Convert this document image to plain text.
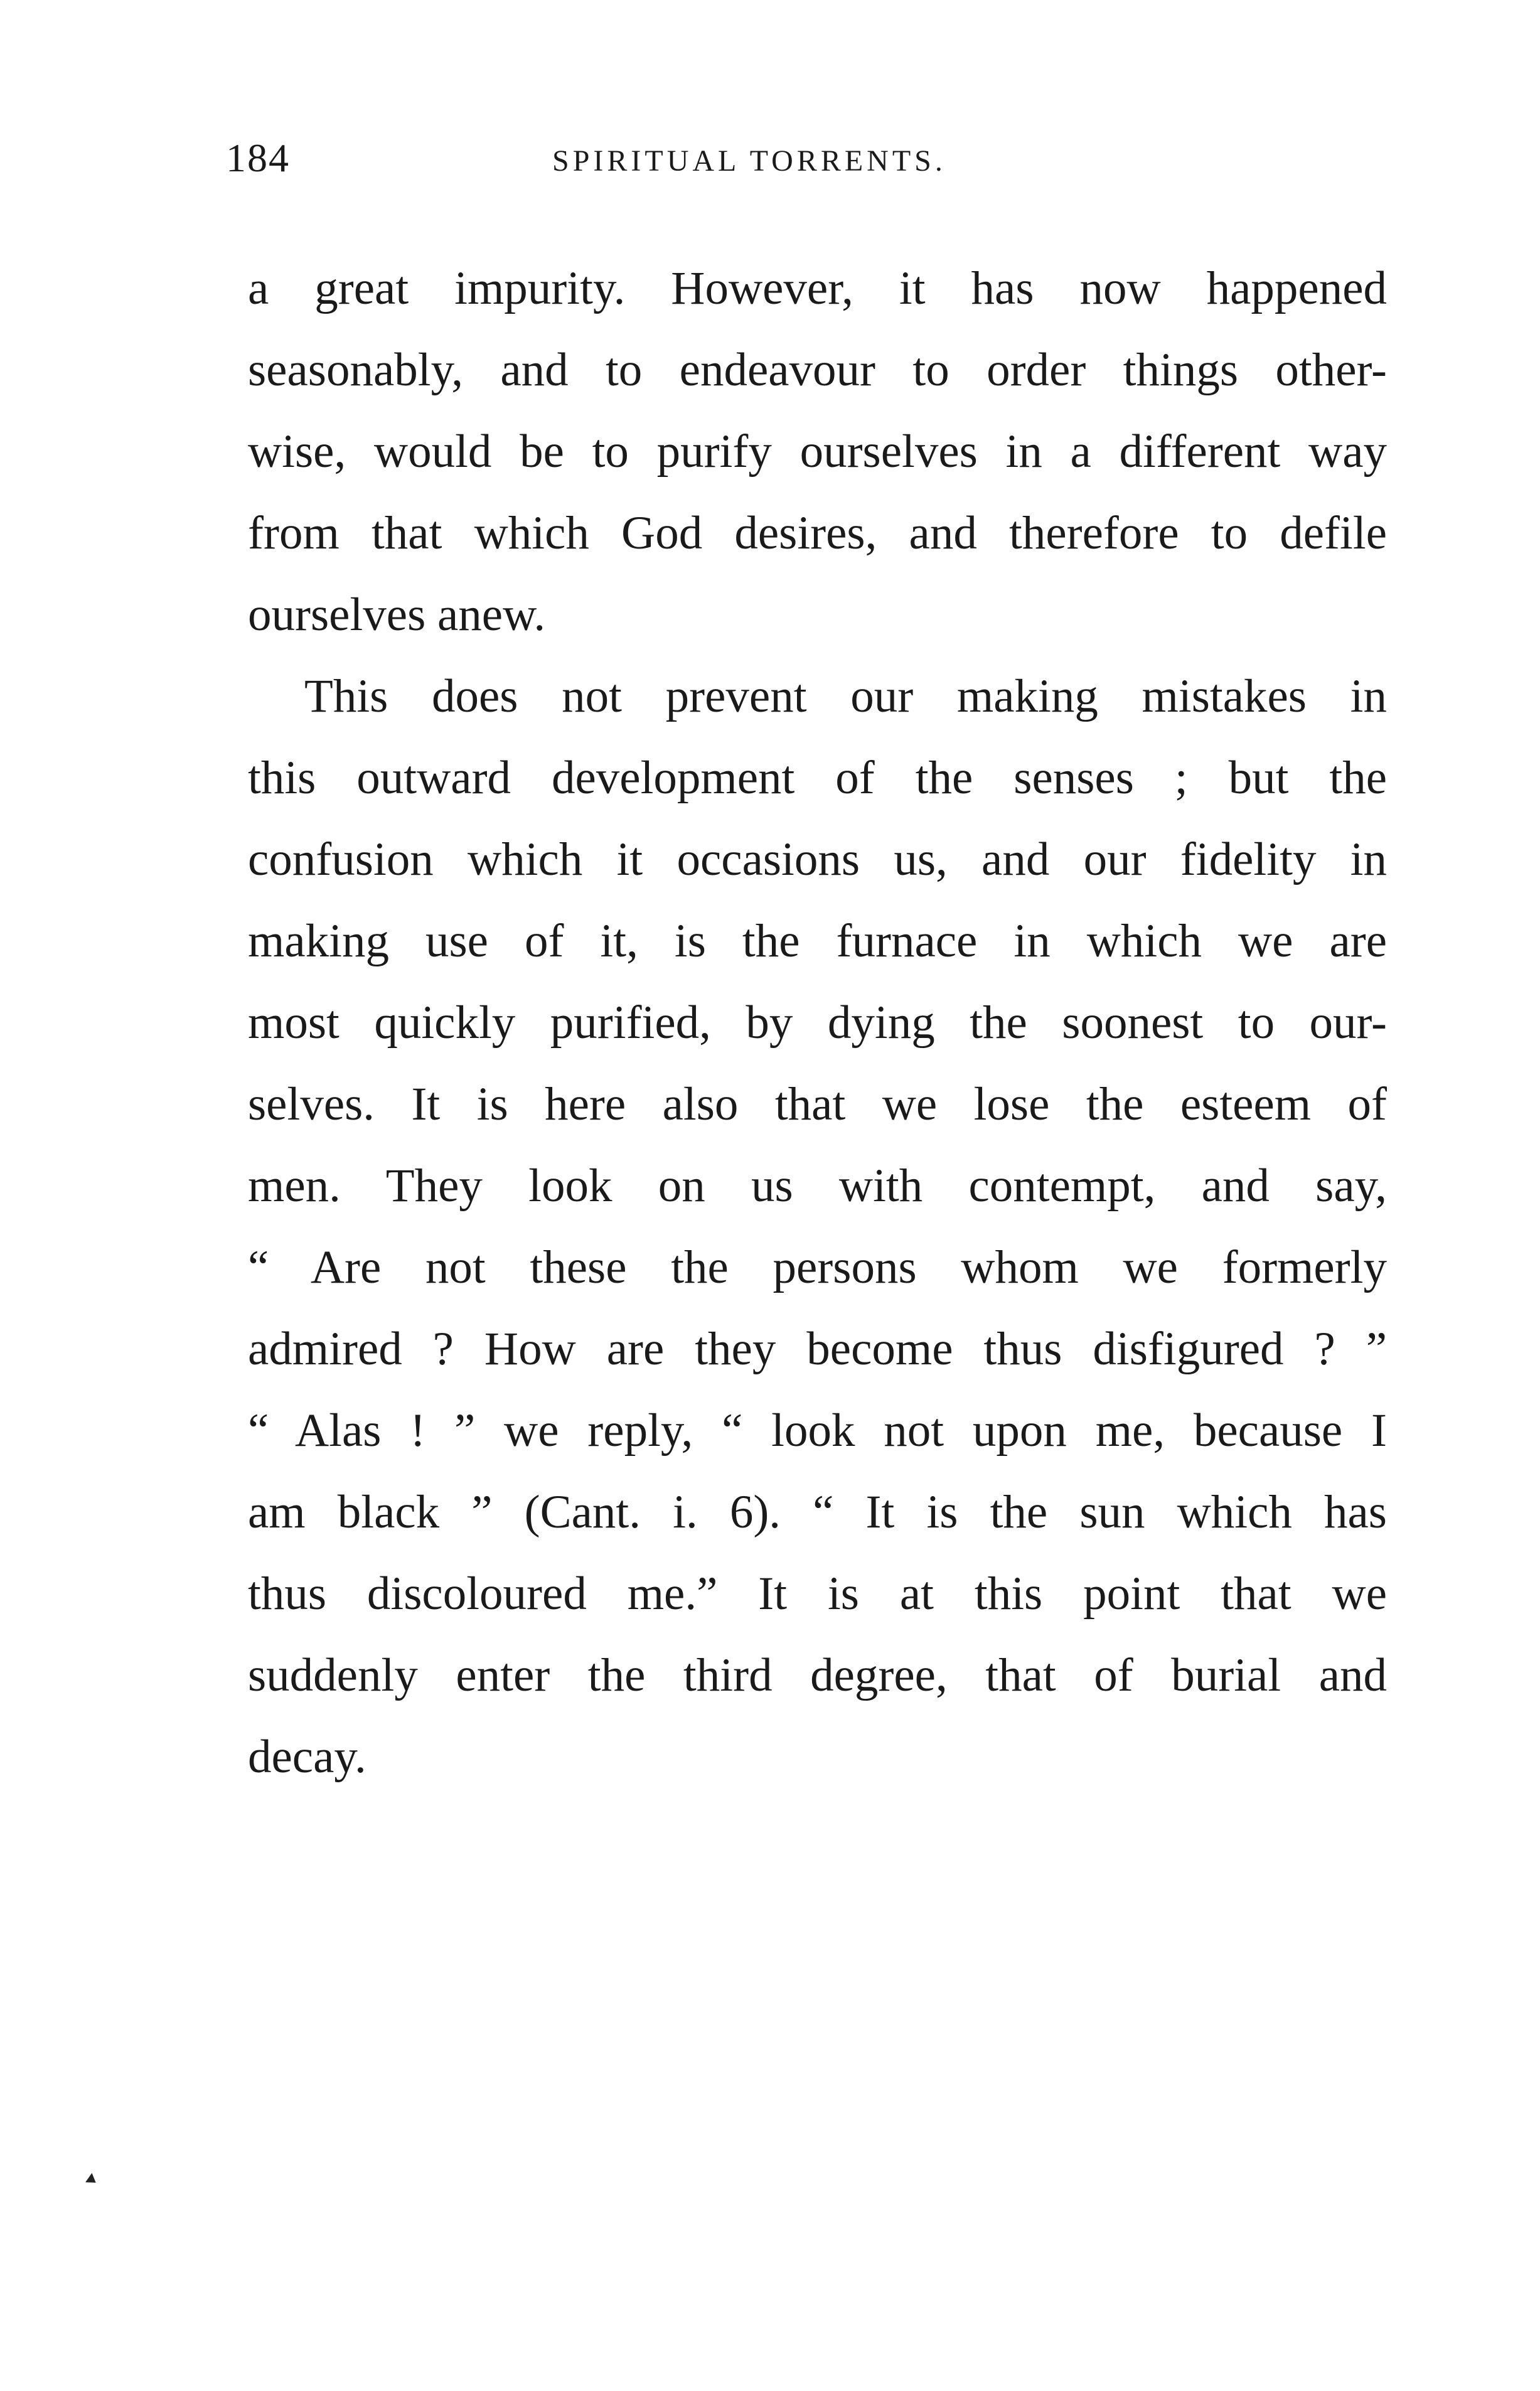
184	SPIRITUAL TORRENTS.
a great impurity. However, it has now happened
seasonably, and to endeavour to order things other-
wise, would be to purify ourselves in a different way
from that which God desires, and therefore to defile
ourselves anew.
This does not prevent our making mistakes in
this outward development of the senses ; but the
confusion which it occasions us, and our fidelity in
making use of it, is the furnace in which we are
most quickly purified, by dying the soonest to our-
selves. It is here also that we lose the esteem of
men. They look on us with contempt, and say,
“ Are not these the persons whom we formerly
admired ? How are they become thus disfigured ? ”
“ Alas ! ” we reply, “ look not upon me, because I
am black ” (Cant. i. 6). “ It is the sun which has
thus discoloured me.” It is at this point that we
suddenly enter the third degree, that of burial and
decay.
